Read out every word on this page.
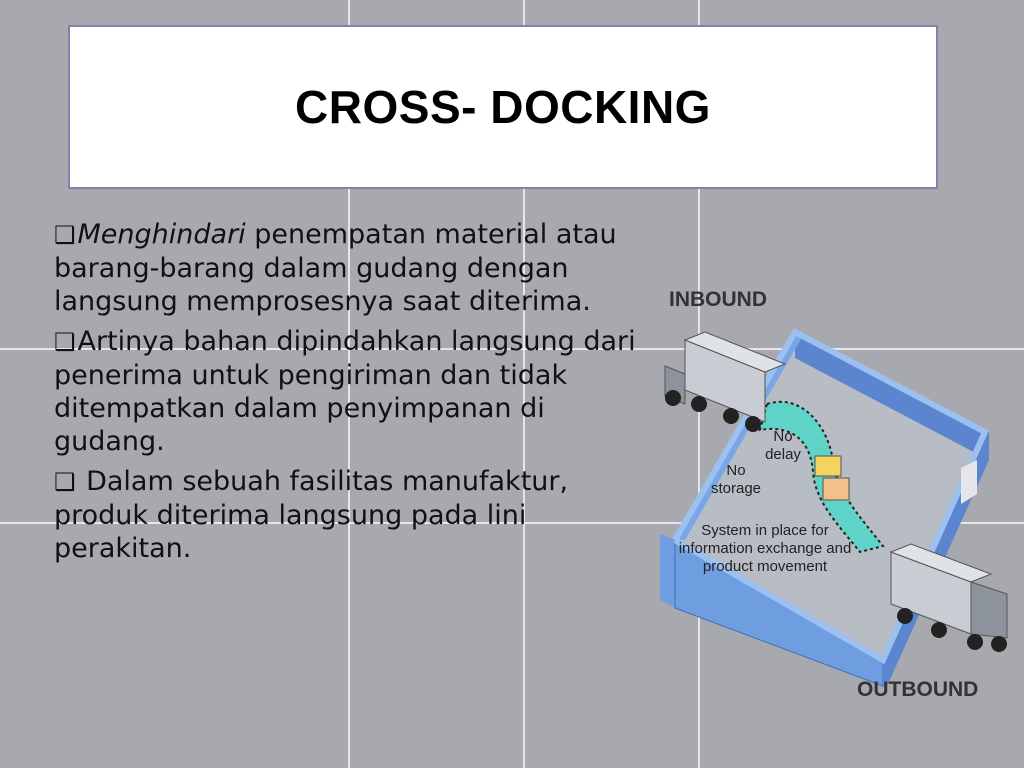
CROSS- DOCKING

❑Menghindari penempatan material atau barang-barang dalam gudang dengan langsung memprosesnya saat diterima.

❑Artinya bahan dipindahkan langsung dari penerima untuk pengiriman dan tidak ditempatkan dalam penyimpanan di gudang.

❑ Dalam sebuah fasilitas manufaktur, produk diterima langsung pada lini perakitan.

INBOUND
OUTBOUND
No delay
No storage
System in place for information exchange and product movement
